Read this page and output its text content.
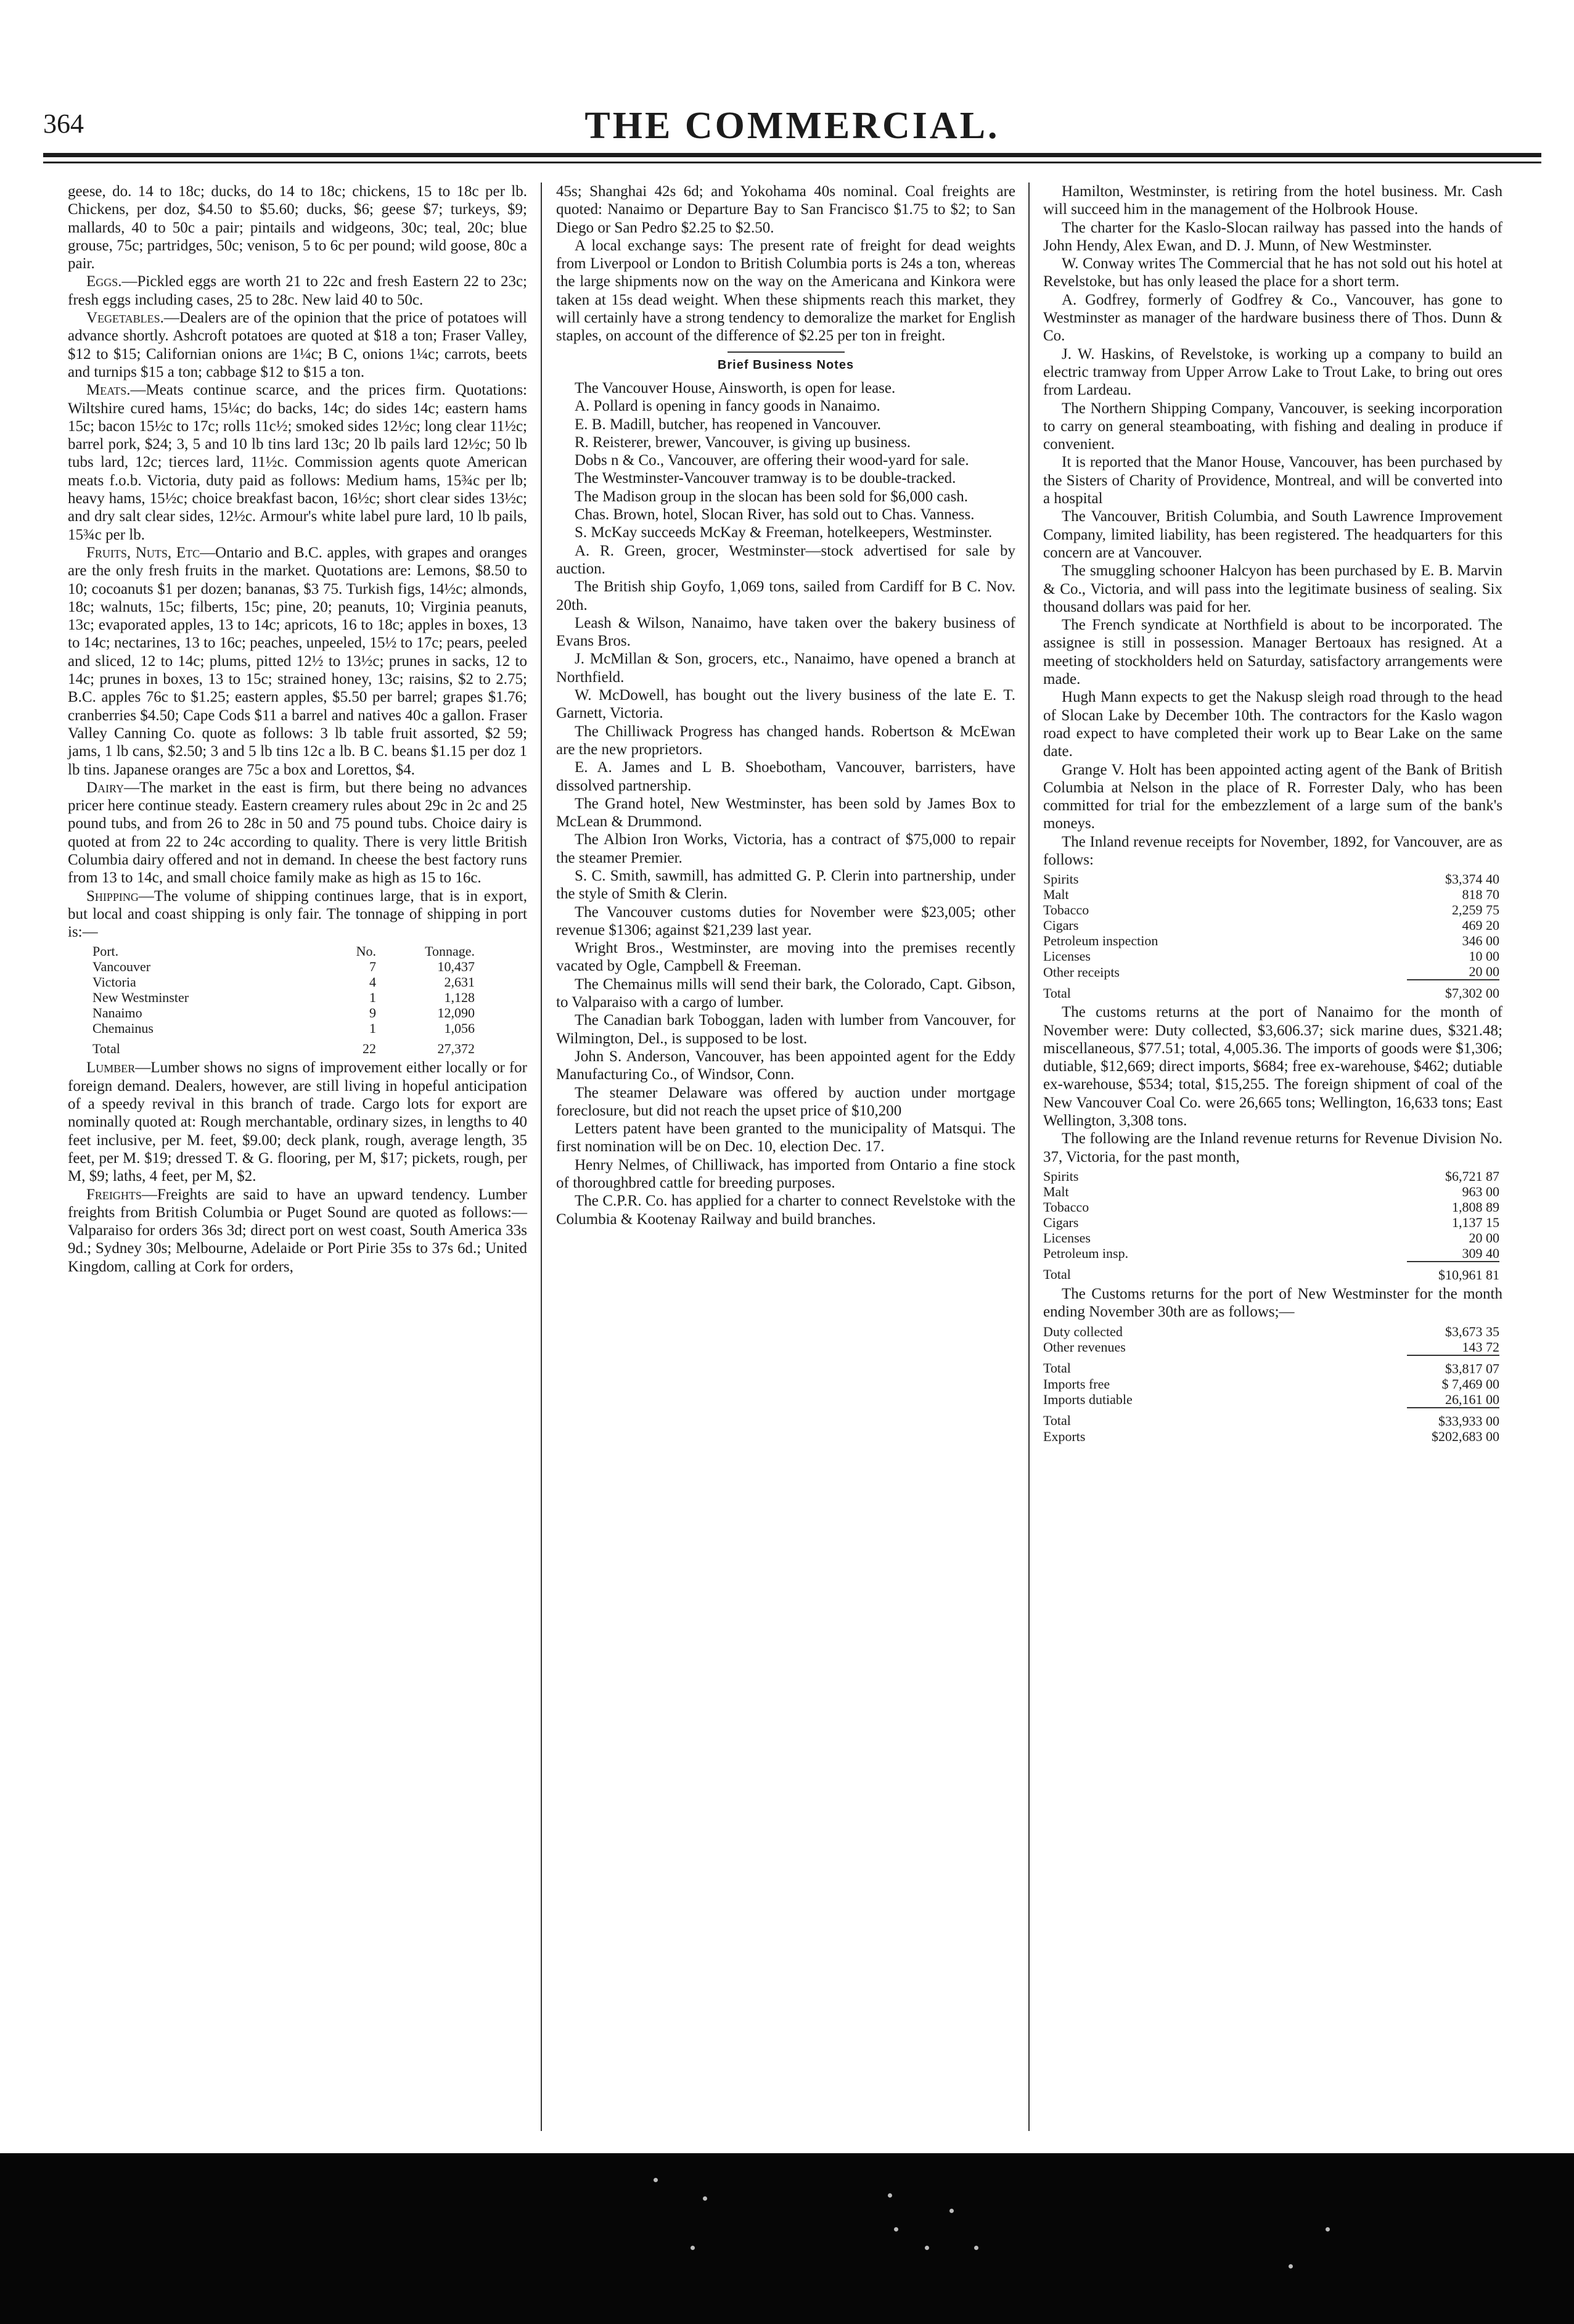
364	THE COMMERCIAL.

geese, do. 14 to 18c; ducks, do 14 to 18c; chickens, 15 to 18c per lb. Chickens, per doz, $4.50 to $5.60; ducks, $6; geese $7; turkeys, $9; mallards, 40 to 50c a pair; pintails and widgeons, 30c; teal, 20c; blue grouse, 75c; partridges, 50c; venison, 5 to 6c per pound; wild goose, 80c a pair.

Eggs.—Pickled eggs are worth 21 to 22c and fresh Eastern 22 to 23c; fresh eggs including cases, 25 to 28c. New laid 40 to 50c.

Vegetables.—Dealers are of the opinion that the price of potatoes will advance shortly. Ashcroft potatoes are quoted at $18 a ton; Fraser Valley, $12 to $15; Californian onions are 1¼c; B C, onions 1¼c; carrots, beets and turnips $15 a ton; cabbage $12 to $15 a ton.

Meats.—Meats continue scarce, and the prices firm. Quotations: Wiltshire cured hams, 15¼c; do backs, 14c; do sides 14c; eastern hams 15c; bacon 15½c to 17c; rolls 11c½; smoked sides 12½c; long clear 11½c; barrel pork, $24; 3, 5 and 10 lb tins lard 13c; 20 lb pails lard 12½c; 50 lb tubs lard, 12c; tierces lard, 11½c. Commission agents quote American meats f.o.b. Victoria, duty paid as follows: Medium hams, 15¾c per lb; heavy hams, 15½c; choice breakfast bacon, 16½c; short clear sides 13½c; and dry salt clear sides, 12½c. Armour's white label pure lard, 10 lb pails, 15¾c per lb.

Fruits, Nuts, Etc—Ontario and B.C. apples, with grapes and oranges are the only fresh fruits in the market. Quotations are: Lemons, $8.50 to 10; cocoanuts $1 per dozen; bananas, $3 75. Turkish figs, 14½c; almonds, 18c; walnuts, 15c; filberts, 15c; pine, 20; peanuts, 10; Virginia peanuts, 13c; evaporated apples, 13 to 14c; apricots, 16 to 18c; apples in boxes, 13 to 14c; nectarines, 13 to 16c; peaches, unpeeled, 15½ to 17c; pears, peeled and sliced, 12 to 14c; plums, pitted 12½ to 13½c; prunes in sacks, 12 to 14c; prunes in boxes, 13 to 15c; strained honey, 13c; raisins, $2 to 2.75; B.C. apples 76c to $1.25; eastern apples, $5.50 per barrel; grapes $1.76; cranberries $4.50; Cape Cods $11 a barrel and natives 40c a gallon. Fraser Valley Canning Co. quote as follows: 3 lb table fruit assorted, $2 59; jams, 1 lb cans, $2.50; 3 and 5 lb tins 12c a lb. B C. beans $1.15 per doz 1 lb tins. Japanese oranges are 75c a box and Lorettos, $4.

Dairy—The market in the east is firm, but there being no advances pricer here continue steady. Eastern creamery rules about 29c in 2c and 25 pound tubs, and from 26 to 28c in 50 and 75 pound tubs. Choice dairy is quoted at from 22 to 24c according to quality. There is very little British Columbia dairy offered and not in demand. In cheese the best factory runs from 13 to 14c, and small choice family make as high as 15 to 16c.

Shipping—The volume of shipping continues large, that is in export, but local and coast shipping is only fair. The tonnage of shipping in port is:—

Port.	No.	Tonnage.
Vancouver	7	10,437
Victoria	4	2,631
New Westminster	1	1,128
Nanaimo	9	12,090
Chemainus	1	1,056
Total	22	27,372

Lumber—Lumber shows no signs of improvement either locally or for foreign demand. Dealers, however, are still living in hopeful anticipation of a speedy revival in this branch of trade. Cargo lots for export are nominally quoted at: Rough merchantable, ordinary sizes, in lengths to 40 feet inclusive, per M. feet, $9.00; deck plank, rough, average length, 35 feet, per M. $19; dressed T. & G. flooring, per M, $17; pickets, rough, per M, $9; laths, 4 feet, per M, $2.

Freights—Freights are said to have an upward tendency. Lumber freights from British Columbia or Puget Sound are quoted as follows:—Valparaiso for orders 36s 3d; direct port on west coast, South America 33s 9d.; Sydney 30s; Melbourne, Adelaide or Port Pirie 35s to 37s 6d.; United Kingdom, calling at Cork for orders,

45s; Shanghai 42s 6d; and Yokohama 40s nominal. Coal freights are quoted: Nanaimo or Departure Bay to San Francisco $1.75 to $2; to San Diego or San Pedro $2.25 to $2.50.

A local exchange says: The present rate of freight for dead weights from Liverpool or London to British Columbia ports is 24s a ton, whereas the large shipments now on the way on the Americana and Kinkora were taken at 15s dead weight. When these shipments reach this market, they will certainly have a strong tendency to demoralize the market for English staples, on account of the difference of $2.25 per ton in freight.

Brief Business Notes

The Vancouver House, Ainsworth, is open for lease.

A. Pollard is opening in fancy goods in Nanaimo.

E. B. Madill, butcher, has reopened in Vancouver.

R. Reisterer, brewer, Vancouver, is giving up business.

Dobs n & Co., Vancouver, are offering their wood-yard for sale.

The Westminster-Vancouver tramway is to be double-tracked.

The Madison group in the slocan has been sold for $6,000 cash.

Chas. Brown, hotel, Slocan River, has sold out to Chas. Vanness.

S. McKay succeeds McKay & Freeman, hotelkeepers, Westminster.

A. R. Green, grocer, Westminster—stock advertised for sale by auction.

The British ship Goyfo, 1,069 tons, sailed from Cardiff for B C. Nov. 20th.

Leash & Wilson, Nanaimo, have taken over the bakery business of Evans Bros.

J. McMillan & Son, grocers, etc., Nanaimo, have opened a branch at Northfield.

W. McDowell, has bought out the livery business of the late E. T. Garnett, Victoria.

The Chilliwack Progress has changed hands. Robertson & McEwan are the new proprietors.

E. A. James and L B. Shoebotham, Vancouver, barristers, have dissolved partnership.

The Grand hotel, New Westminster, has been sold by James Box to McLean & Drummond.

The Albion Iron Works, Victoria, has a contract of $75,000 to repair the steamer Premier.

S. C. Smith, sawmill, has admitted G. P. Clerin into partnership, under the style of Smith & Clerin.

The Vancouver customs duties for November were $23,005; other revenue $1306; against $21,239 last year.

Wright Bros., Westminster, are moving into the premises recently vacated by Ogle, Campbell & Freeman.

The Chemainus mills will send their bark, the Colorado, Capt. Gibson, to Valparaiso with a cargo of lumber.

The Canadian bark Toboggan, laden with lumber from Vancouver, for Wilmington, Del., is supposed to be lost.

John S. Anderson, Vancouver, has been appointed agent for the Eddy Manufacturing Co., of Windsor, Conn.

The steamer Delaware was offered by auction under mortgage foreclosure, but did not reach the upset price of $10,200

Letters patent have been granted to the municipality of Matsqui. The first nomination will be on Dec. 10, election Dec. 17.

Henry Nelmes, of Chilliwack, has imported from Ontario a fine stock of thoroughbred cattle for breeding purposes.

The C.P.R. Co. has applied for a charter to connect Revelstoke with the Columbia & Kootenay Railway and build branches.

Hamilton, Westminster, is retiring from the hotel business. Mr. Cash will succeed him in the management of the Holbrook House.

The charter for the Kaslo-Slocan railway has passed into the hands of John Hendy, Alex Ewan, and D. J. Munn, of New Westminster.

W. Conway writes The Commercial that he has not sold out his hotel at Revelstoke, but has only leased the place for a short term.

A. Godfrey, formerly of Godfrey & Co., Vancouver, has gone to Westminster as manager of the hardware business there of Thos. Dunn & Co.

J. W. Haskins, of Revelstoke, is working up a company to build an electric tramway from Upper Arrow Lake to Trout Lake, to bring out ores from Lardeau.

The Northern Shipping Company, Vancouver, is seeking incorporation to carry on general steamboating, with fishing and dealing in produce if convenient.

It is reported that the Manor House, Vancouver, has been purchased by the Sisters of Charity of Providence, Montreal, and will be converted into a hospital

The Vancouver, British Columbia, and South Lawrence Improvement Company, limited liability, has been registered. The headquarters for this concern are at Vancouver.

The smuggling schooner Halcyon has been purchased by E. B. Marvin & Co., Victoria, and will pass into the legitimate business of sealing. Six thousand dollars was paid for her.

The French syndicate at Northfield is about to be incorporated. The assignee is still in possession. Manager Bertoaux has resigned. At a meeting of stockholders held on Saturday, satisfactory arrangements were made.

Hugh Mann expects to get the Nakusp sleigh road through to the head of Slocan Lake by December 10th. The contractors for the Kaslo wagon road expect to have completed their work up to Bear Lake on the same date.

Grange V. Holt has been appointed acting agent of the Bank of British Columbia at Nelson in the place of R. Forrester Daly, who has been committed for trial for the embezzlement of a large sum of the bank's moneys.

The Inland revenue receipts for November, 1892, for Vancouver, are as follows:

Spirits	$3,374 40
Malt	818 70
Tobacco	2,259 75
Cigars	469 20
Petroleum inspection	346 00
Licenses	10 00
Other receipts	20 00
Total	$7,302 00

The customs returns at the port of Nanaimo for the month of November were: Duty collected, $3,606.37; sick marine dues, $321.48; miscellaneous, $77.51; total, 4,005.36. The imports of goods were $1,306; dutiable, $12,669; direct imports, $684; free ex-warehouse, $462; dutiable ex-warehouse, $534; total, $15,255. The foreign shipment of coal of the New Vancouver Coal Co. were 26,665 tons; Wellington, 16,633 tons; East Wellington, 3,308 tons.

The following are the Inland revenue returns for Revenue Division No. 37, Victoria, for the past month,

Spirits	$6,721 87
Malt	963 00
Tobacco	1,808 89
Cigars	1,137 15
Licenses	20 00
Petroleum insp.	309 40
Total	$10,961 81

The Customs returns for the port of New Westminster for the month ending November 30th are as follows;—

Duty collected	$3,673 35
Other revenues	143 72
Total	$3,817 07
Imports free	$ 7,469 00
Imports dutiable	26,161 00
Total	$33,933 00
Exports	$202,683 00
